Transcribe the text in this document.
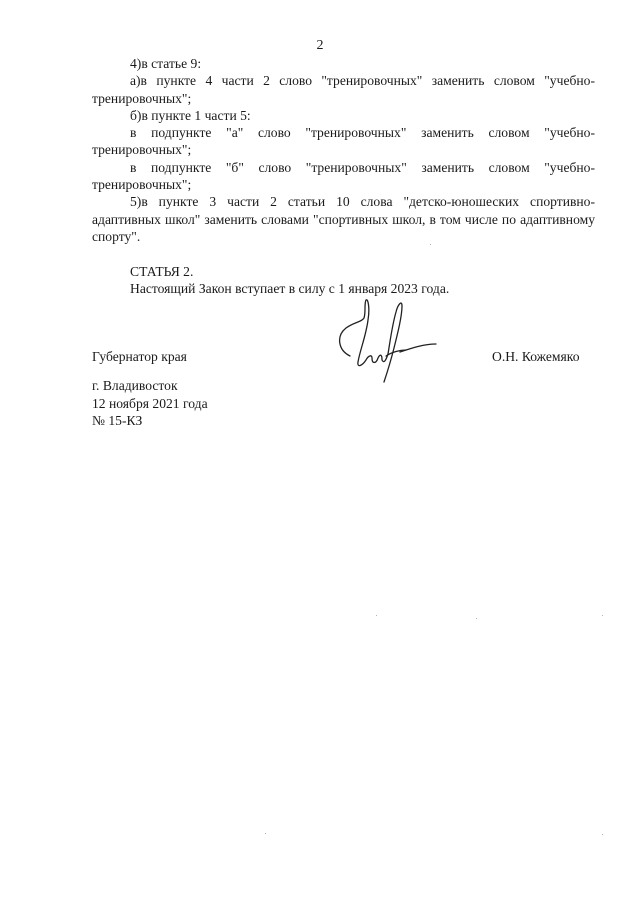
2

4)в статье 9:

а)в пункте 4 части 2 слово "тренировочных" заменить словом "учебно-тренировочных";

б)в пункте 1 части 5:

в подпункте "а" слово "тренировочных" заменить словом "учебно-тренировочных";

в подпункте "б" слово "тренировочных" заменить словом "учебно-тренировочных";

5)в пункте 3 части 2 статьи 10 слова "детско-юношеских спортивно-адаптивных школ" заменить словами "спортивных школ, в том числе по адаптивному спорту".

СТАТЬЯ 2.

Настоящий Закон вступает в силу с 1 января 2023 года.

Губернатор края	О.Н. Кожемяко
г. Владивосток
12 ноября 2021 года
№ 15-КЗ
